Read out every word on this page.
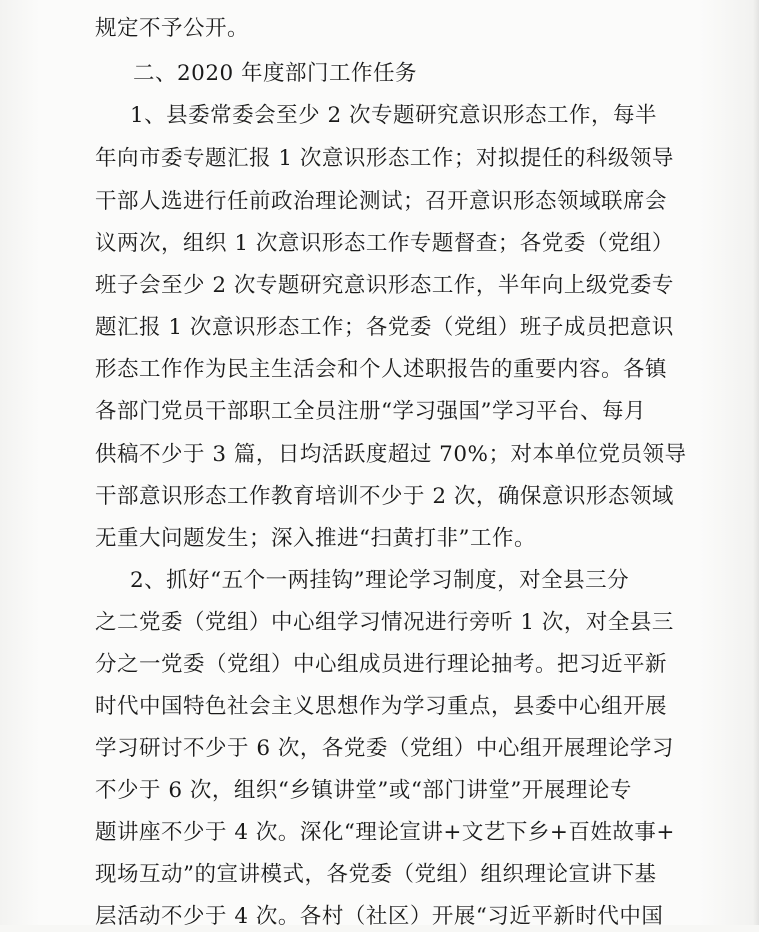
规定不予公开。
二、2020 年度部门工作任务
1、县委常委会至少 2 次专题研究意识形态工作，每半
年向市委专题汇报 1 次意识形态工作；对拟提任的科级领导
干部人选进行任前政治理论测试；召开意识形态领域联席会
议两次，组织 1 次意识形态工作专题督查；各党委（党组）
班子会至少 2 次专题研究意识形态工作，半年向上级党委专
题汇报 1 次意识形态工作；各党委（党组）班子成员把意识
形态工作作为民主生活会和个人述职报告的重要内容。各镇
各部门党员干部职工全员注册“学习强国”学习平台、每月
供稿不少于 3 篇，日均活跃度超过 70%；对本单位党员领导
干部意识形态工作教育培训不少于 2 次，确保意识形态领域
无重大问题发生；深入推进“扫黄打非”工作。
2、抓好“五个一两挂钩”理论学习制度，对全县三分
之二党委（党组）中心组学习情况进行旁听 1 次，对全县三
分之一党委（党组）中心组成员进行理论抽考。把习近平新
时代中国特色社会主义思想作为学习重点，县委中心组开展
学习研讨不少于 6 次，各党委（党组）中心组开展理论学习
不少于 6 次，组织“乡镇讲堂”或“部门讲堂”开展理论专
题讲座不少于 4 次。深化“理论宣讲+文艺下乡+百姓故事+
现场互动”的宣讲模式，各党委（党组）组织理论宣讲下基
层活动不少于 4 次。各村（社区）开展“习近平新时代中国
